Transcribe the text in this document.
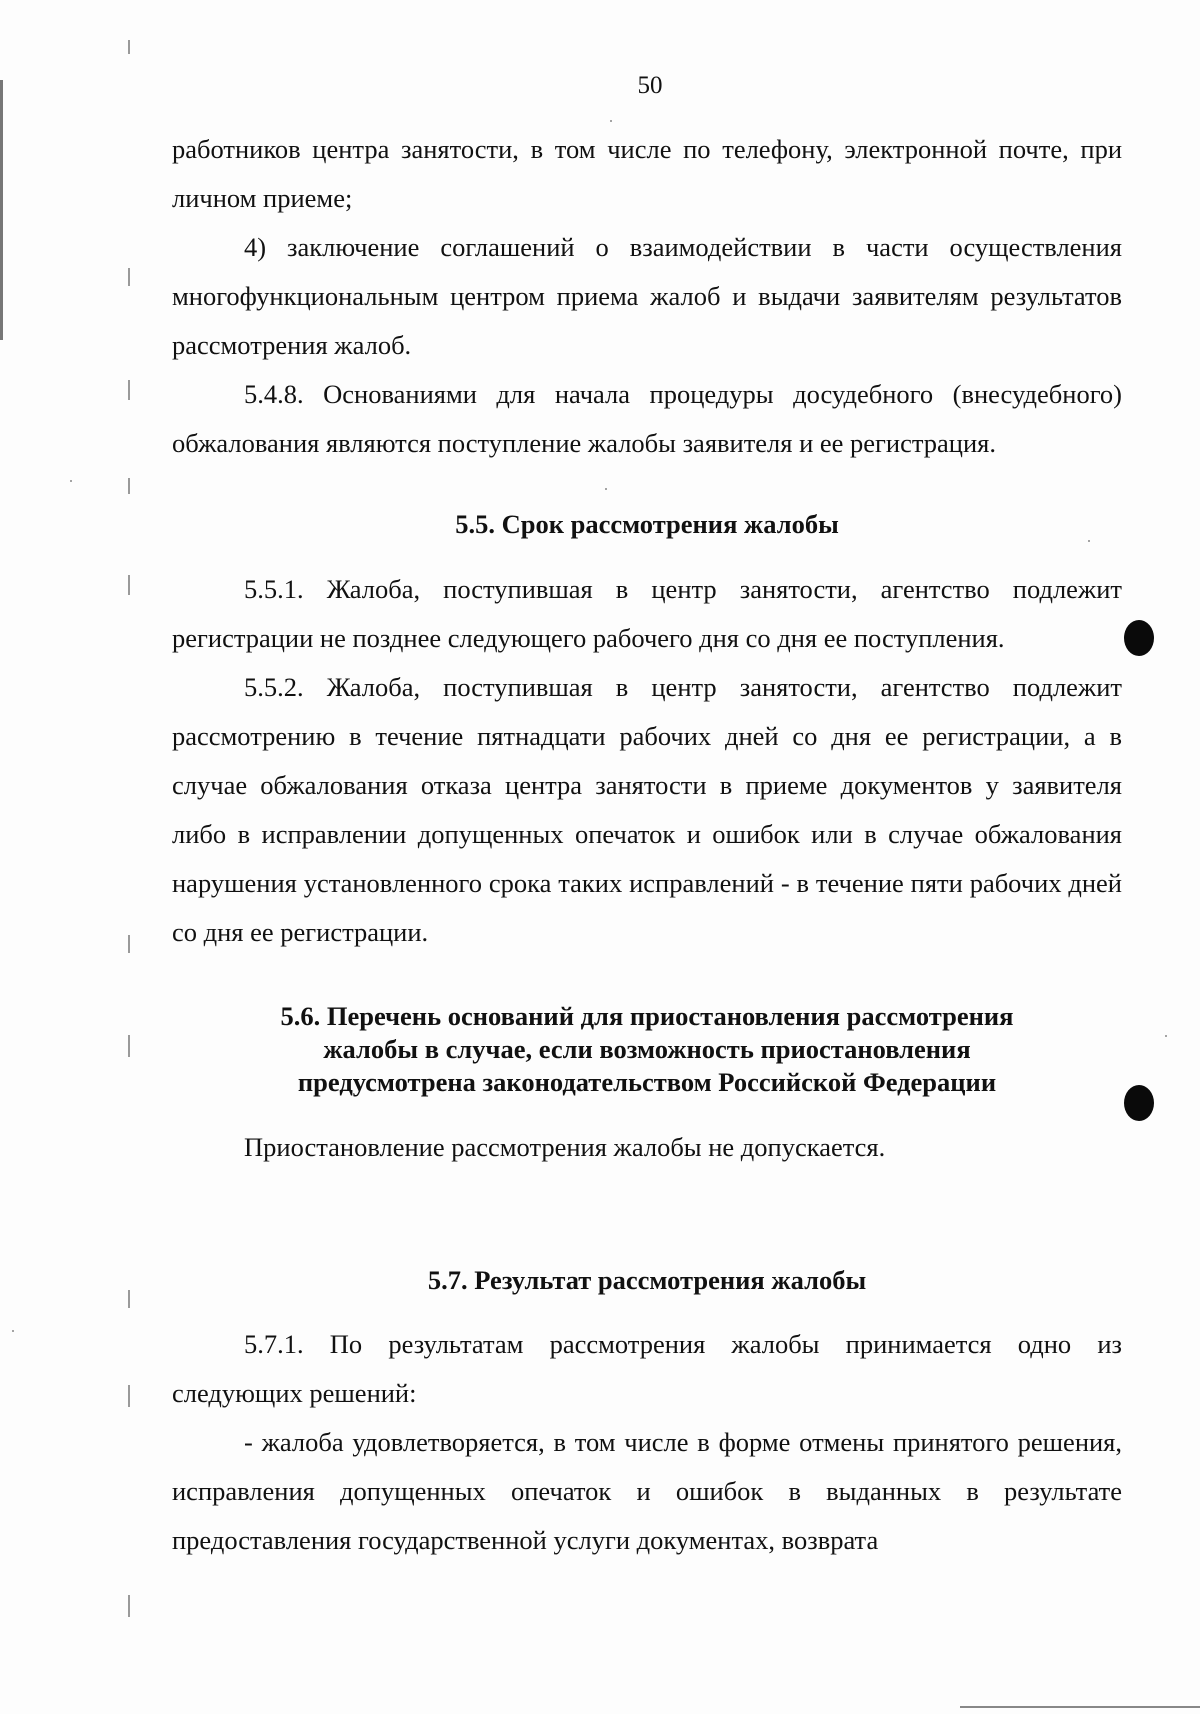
50

работников центра занятости, в том числе по телефону, электронной почте, при личном приеме;

4) заключение соглашений о взаимодействии в части осуществления многофункциональным центром приема жалоб и выдачи заявителям результатов рассмотрения жалоб.

5.4.8. Основаниями для начала процедуры досудебного (внесудебного) обжалования являются поступление жалобы заявителя и ее регистрация.

5.5. Срок рассмотрения жалобы

5.5.1. Жалоба, поступившая в центр занятости, агентство подлежит регистрации не позднее следующего рабочего дня со дня ее поступления.

5.5.2. Жалоба, поступившая в центр занятости, агентство подлежит рассмотрению в течение пятнадцати рабочих дней со дня ее регистрации, а в случае обжалования отказа центра занятости в приеме документов у заявителя либо в исправлении допущенных опечаток и ошибок или в случае обжалования нарушения установленного срока таких исправлений - в течение пяти рабочих дней со дня ее регистрации.

5.6. Перечень оснований для приостановления рассмотрения
жалобы в случае, если возможность приостановления
предусмотрена законодательством Российской Федерации

Приостановление рассмотрения жалобы не допускается.

5.7. Результат рассмотрения жалобы

5.7.1. По результатам рассмотрения жалобы принимается одно из следующих решений:

- жалоба удовлетворяется, в том числе в форме отмены принятого решения, исправления допущенных опечаток и ошибок в выданных в результате предоставления государственной услуги документах, возврата
